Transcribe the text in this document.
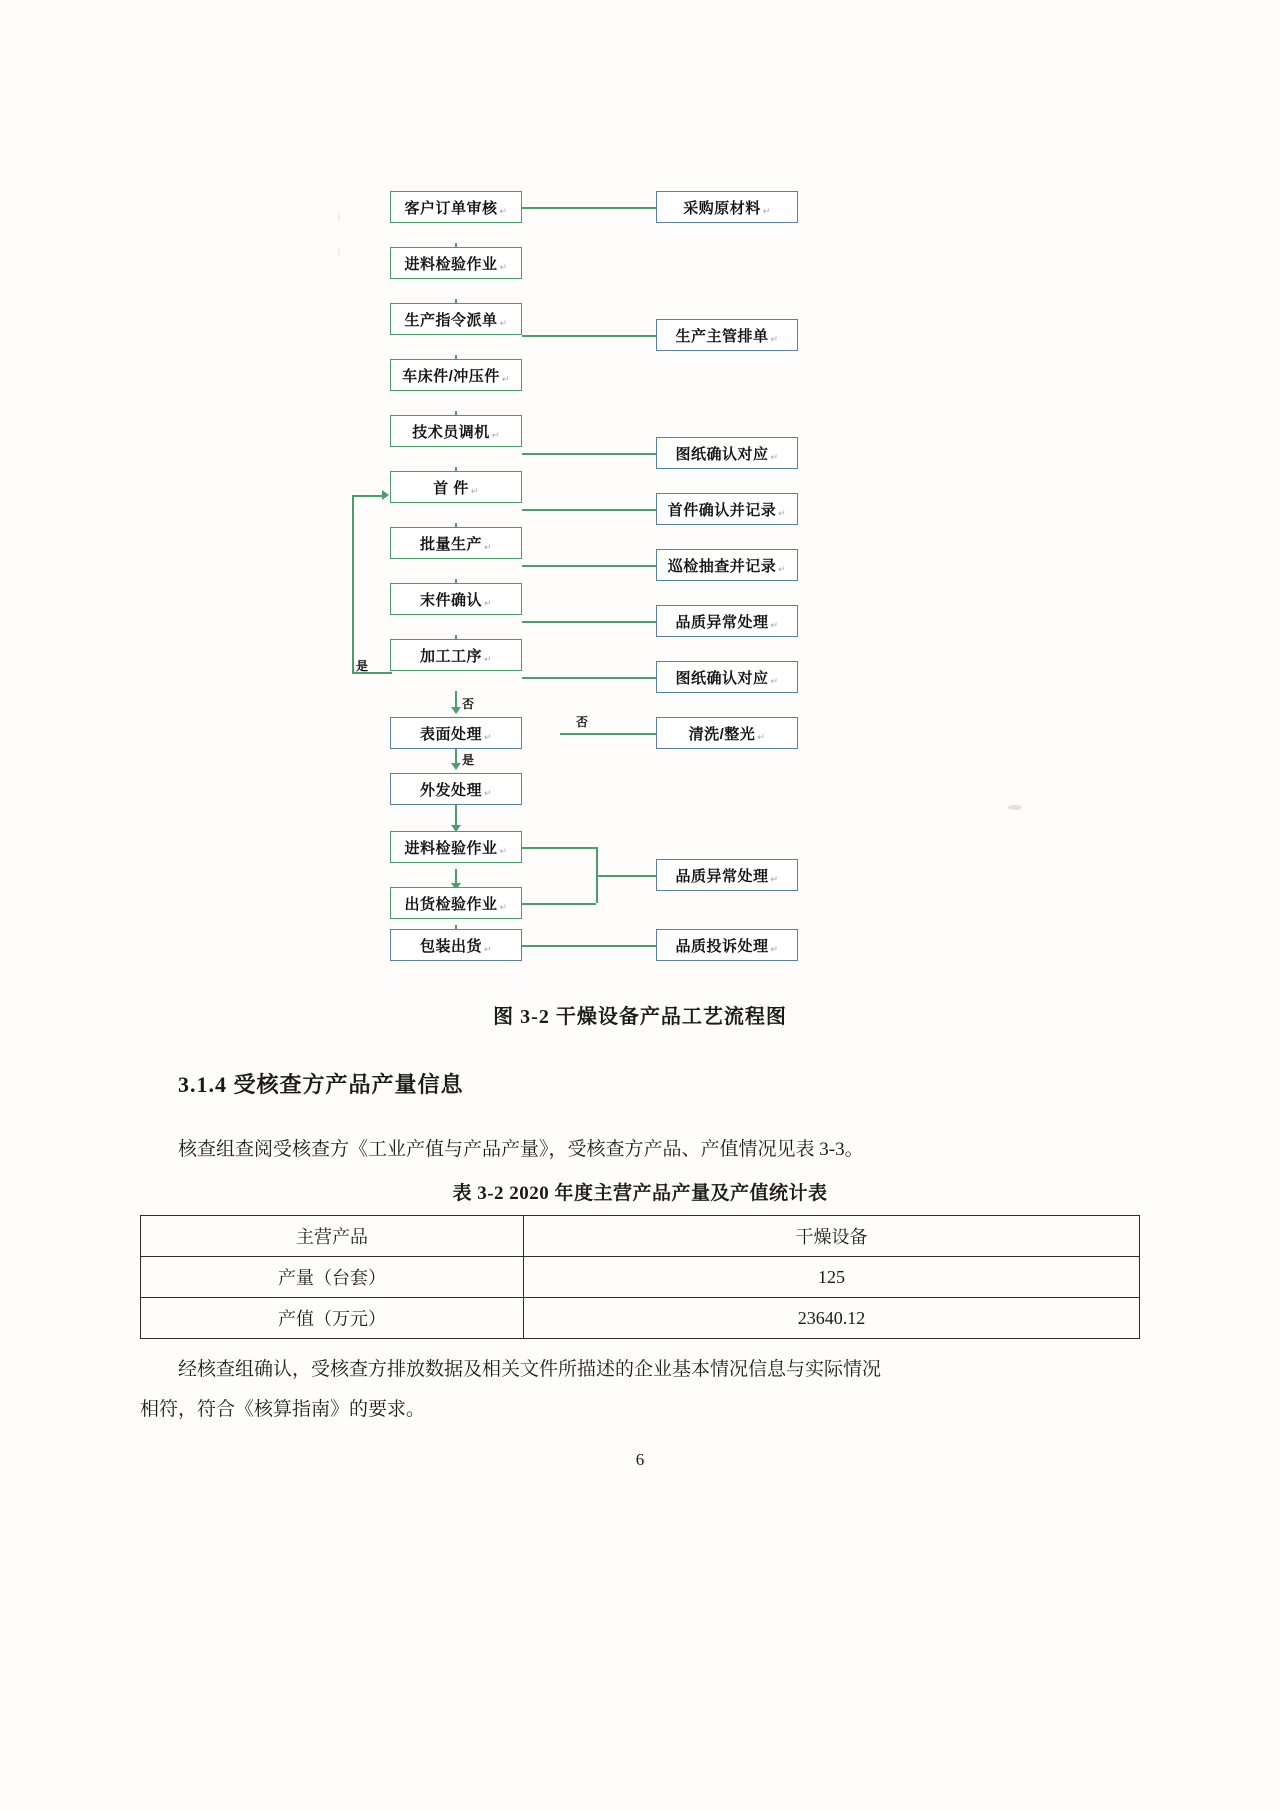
|
|
客户订单审核 ↵
进料检验作业 ↵
生产指令派单 ↵
车床件/冲压件 ↵
技术员调机 ↵
首 件 ↵
批量生产 ↵
末件确认 ↵
加工工序 ↵
表面处理 ↵
外发处理 ↵
进料检验作业 ↵
出货检验作业 ↵
包装出货 ↵
采购原材料 ↵
生产主管排单 ↵
图纸确认对应 ↵
首件确认并记录 ↵
巡检抽查并记录 ↵
品质异常处理 ↵
图纸确认对应 ↵
清洗/整光 ↵
品质异常处理 ↵
品质投诉处理 ↵
是
否
是
否
图 3-2 干燥设备产品工艺流程图
3.1.4 受核查方产品产量信息
核查组查阅受核查方《工业产值与产品产量》，受核查方产品、产值情况见表 3-3。
表 3-2 2020 年度主营产品产量及产值统计表
主营产品	干燥设备
产量（台套）	125
产值（万元）	23640.12
经核查组确认，受核查方排放数据及相关文件所描述的企业基本情况信息与实际情况
相符，符合《核算指南》的要求。
6
